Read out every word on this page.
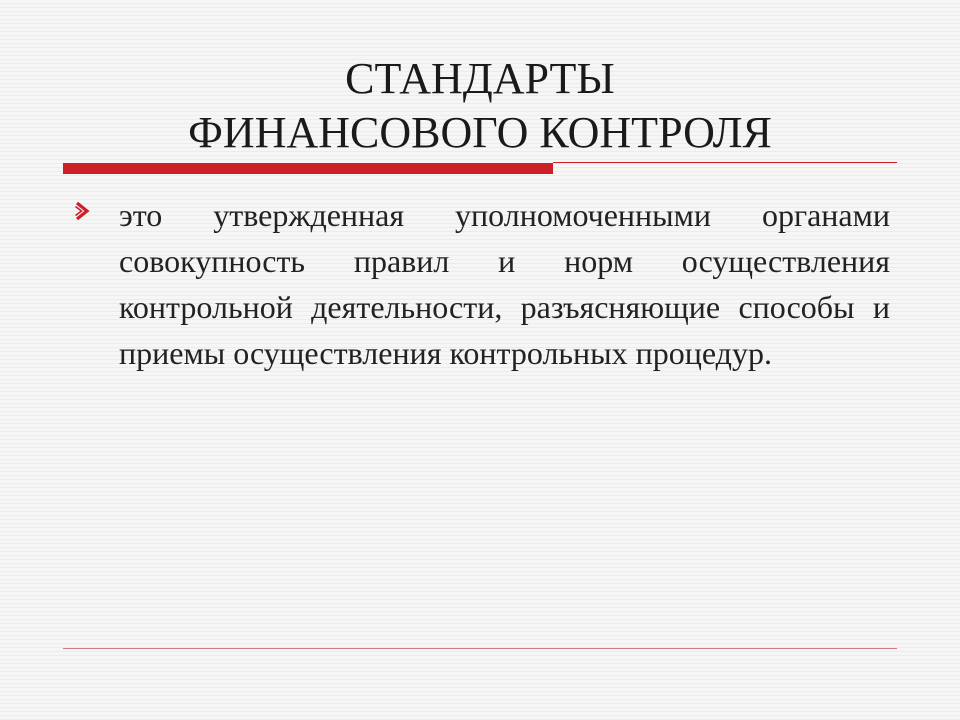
СТАНДАРТЫ
ФИНАНСОВОГО КОНТРОЛЯ
это утвержденная уполномоченными органами совокупность правил и норм осуществления контрольной деятельности, разъясняющие способы и приемы осуществления контрольных процедур.
